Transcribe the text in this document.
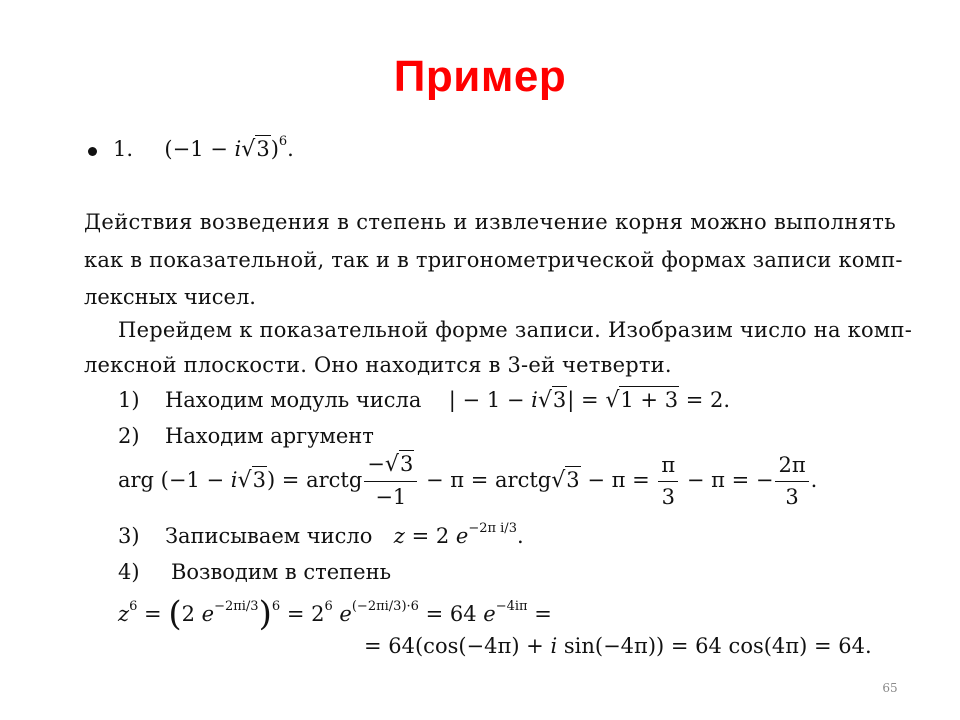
Пример
1. $(-1 - i√3)^6$.
Действия возведения в степень и извлечение корня можно выполнять
как в показательной, так и в тригонометрической формах записи комп-
лексных чисел.
Перейдем к показательной форме записи. Изобразим число на комп-
лексной плоскости. Оно находится в 3-ей четверти.
1) Находим модуль числа | − 1 − i√3| = √1 + 3 = 2.
2) Находим аргумент
arg (−1 − i√3) = arctg $\frac{-√3}{-1} - \pi$ = arctg√3 − $\pi = \frac{\pi}{3} - \pi$ = − $\frac{2\pi}{3}$ .
3) Записываем число z = 2 $e^{-2\pi i/3}$.
4) Возводим в степень
$z^6 = (2$ $e^{-2\pi i/3})^6 = 2^6$ $e^{(-2\pi i/3)\cdot 6} = 64$ $e^{-4i\pi}$ =
= 64(cos(−4π) + i sin(−4π)) = 64 cos(4π) = 64.
65
